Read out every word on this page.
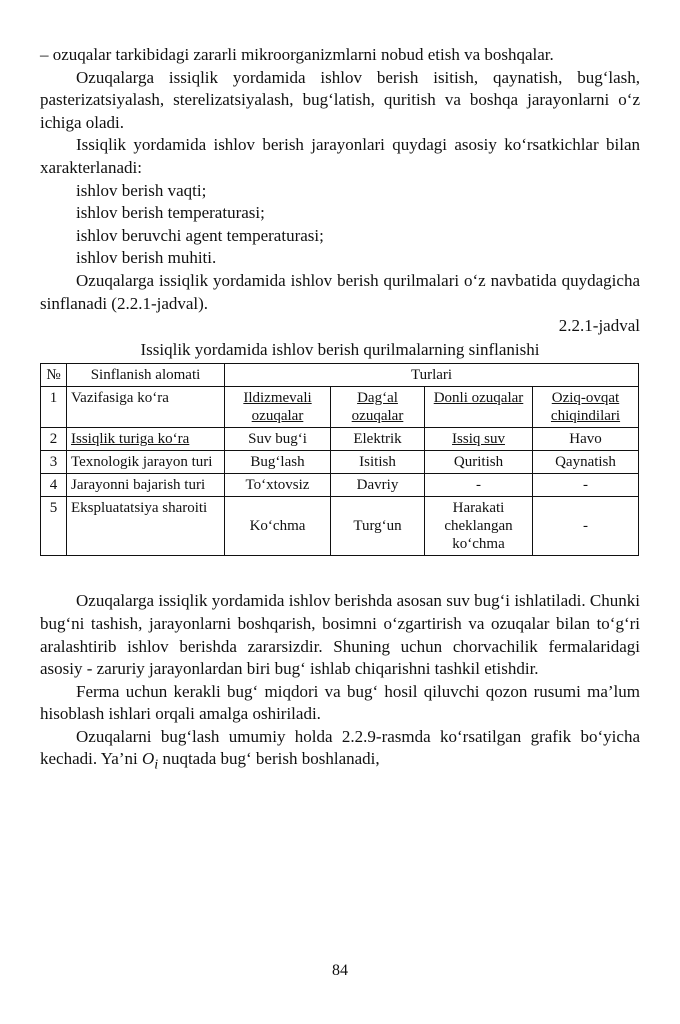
– ozuqalar tarkibidagi zararli mikroorganizmlarni nobud etish va boshqalar.

Ozuqalarga issiqlik yordamida ishlov berish isitish, qaynatish, bug‘lash, pasterizatsiyalash, sterelizatsiyalash, bug‘latish, quritish va boshqa jarayonlarni o‘z ichiga oladi.

Issiqlik yordamida ishlov berish jarayonlari quydagi asosiy ko‘rsatkichlar bilan xarakterlanadi:

ishlov berish vaqti;

ishlov berish temperaturasi;

ishlov beruvchi agent temperaturasi;

ishlov berish muhiti.

Ozuqalarga issiqlik yordamida ishlov berish qurilmalari o‘z navbatida quydagicha sinflanadi (2.2.1-jadval).

2.2.1-jadval

Issiqlik yordamida ishlov berish qurilmalarning sinflanishi

№	Sinflanish alomati	Turlari			
1	Vazifasiga ko‘ra	Ildizmevali ozuqalar	Dag‘al ozuqalar	Donli ozuqalar	Oziq-ovqat chiqindilari
2	Issiqlik turiga ko‘ra	Suv bug‘i	Elektrik	Issiq suv	Havo
3	Texnologik jarayon turi	Bug‘lash	Isitish	Quritish	Qaynatish
4	Jarayonni bajarish turi	To‘xtovsiz	Davriy	-	-
5	Ekspluatatsiya sharoiti	Ko‘chma	Turg‘un	Harakati cheklangan ko‘chma	-

Ozuqalarga issiqlik yordamida ishlov berishda asosan suv bug‘i ishlatiladi. Chunki bug‘ni tashish, jarayonlarni boshqarish, bosimni o‘zgartirish va ozuqalar bilan to‘g‘ri aralashtirib ishlov berishda zararsizdir. Shuning uchun chorvachilik fermalaridagi asosiy - zaruriy jarayonlardan biri bug‘ ishlab chiqarishni tashkil etishdir.

Ferma uchun kerakli bug‘ miqdori va bug‘ hosil qiluvchi qozon rusumi ma’lum hisoblash ishlari orqali amalga oshiriladi.

Ozuqalarni bug‘lash umumiy holda 2.2.9-rasmda ko‘rsatilgan grafik bo‘yicha kechadi. Ya’ni $O_i$ nuqtada bug‘ berish boshlanadi,

84
